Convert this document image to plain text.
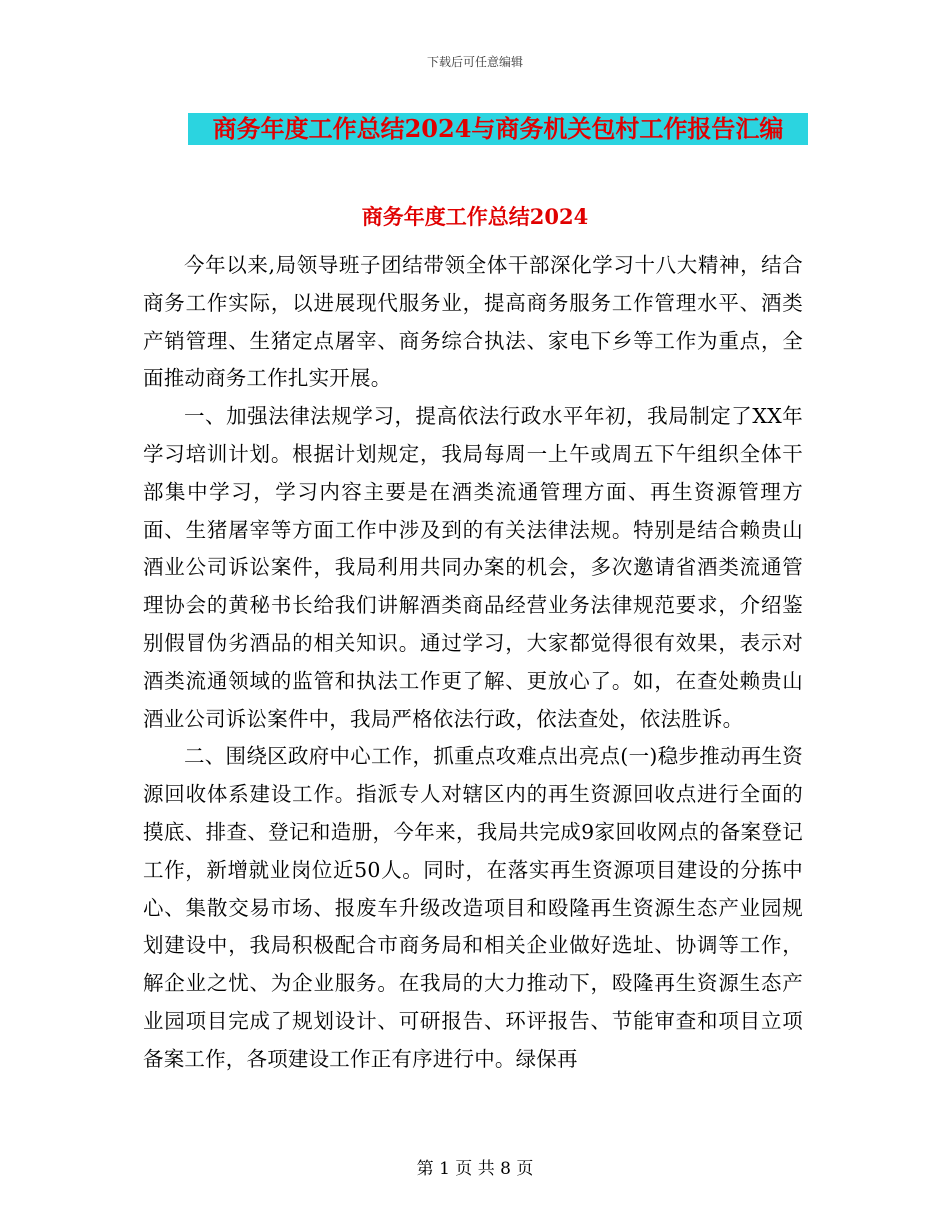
下载后可任意编辑
商务年度工作总结2024与商务机关包村工作报告汇编
商务年度工作总结2024

今年以来,局领导班子团结带领全体干部深化学习十八大精神，结合商务工作实际，以进展现代服务业，提高商务服务工作管理水平、酒类产销管理、生猪定点屠宰、商务综合执法、家电下乡等工作为重点，全面推动商务工作扎实开展。

一、加强法律法规学习，提高依法行政水平年初，我局制定了XX年学习培训计划。根据计划规定，我局每周一上午或周五下午组织全体干部集中学习，学习内容主要是在酒类流通管理方面、再生资源管理方面、生猪屠宰等方面工作中涉及到的有关法律法规。特别是结合赖贵山酒业公司诉讼案件，我局利用共同办案的机会，多次邀请省酒类流通管理协会的黄秘书长给我们讲解酒类商品经营业务法律规范要求，介绍鉴别假冒伪劣酒品的相关知识。通过学习，大家都觉得很有效果，表示对酒类流通领域的监管和执法工作更了解、更放心了。如，在查处赖贵山酒业公司诉讼案件中，我局严格依法行政，依法查处，依法胜诉。

二、围绕区政府中心工作，抓重点攻难点出亮点(一)稳步推动再生资源回收体系建设工作。指派专人对辖区内的再生资源回收点进行全面的摸底、排查、登记和造册，今年来，我局共完成9家回收网点的备案登记工作，新增就业岗位近50人。同时，在落实再生资源项目建设的分拣中心、集散交易市场、报废车升级改造项目和殴隆再生资源生态产业园规划建设中，我局积极配合市商务局和相关企业做好选址、协调等工作，解企业之忧、为企业服务。在我局的大力推动下，殴隆再生资源生态产业园项目完成了规划设计、可研报告、环评报告、节能审查和项目立项备案工作，各项建设工作正有序进行中。绿保再

第 1 页 共 8 页
